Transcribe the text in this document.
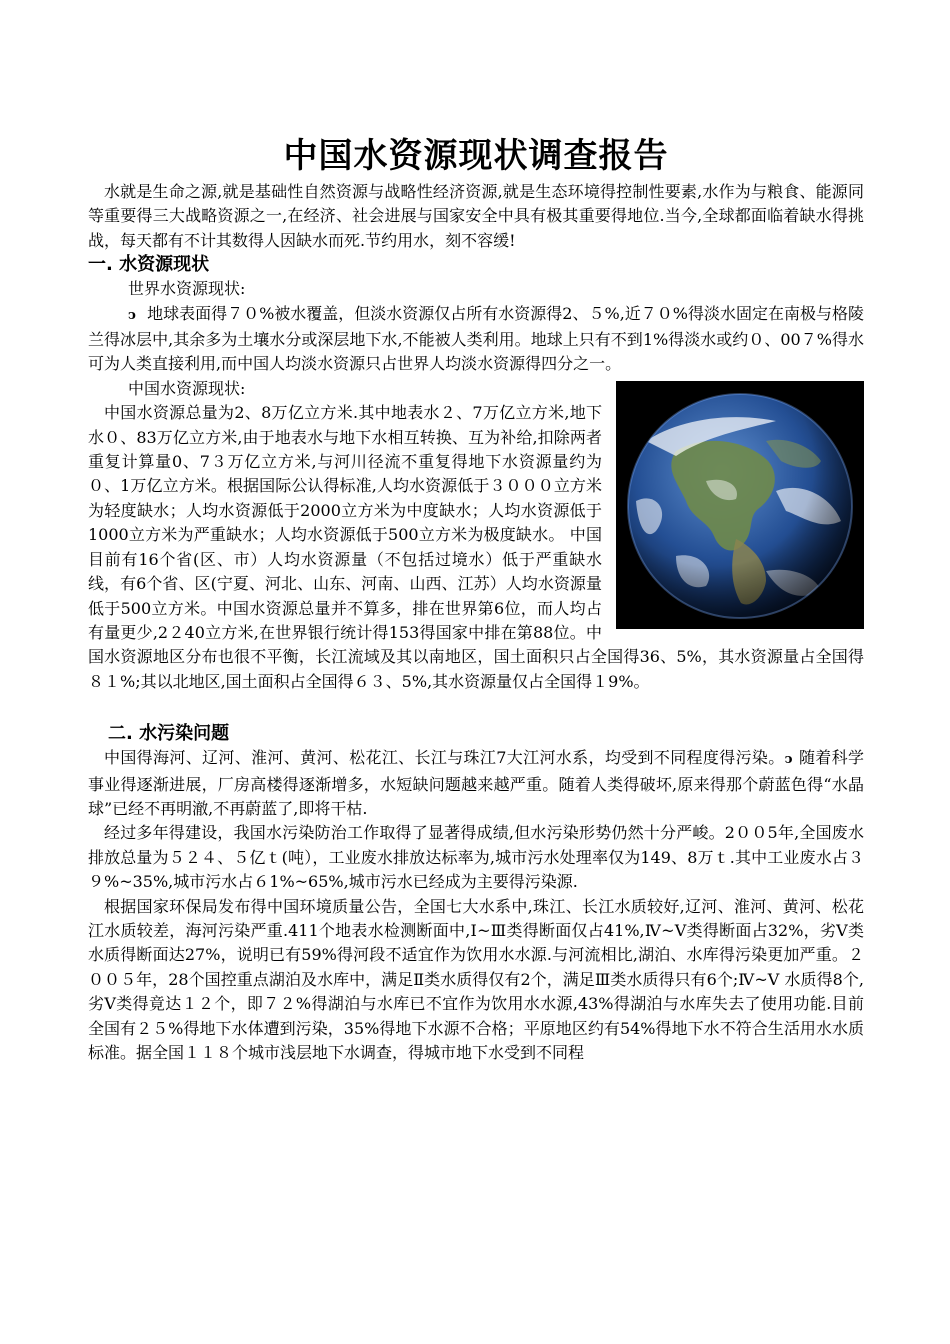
中国水资源现状调查报告

水就是生命之源,就是基础性自然资源与战略性经济资源,就是生态环境得控制性要素,水作为与粮食、能源同等重要得三大战略资源之一,在经济、社会进展与国家安全中具有极其重要得地位.当今,全球都面临着缺水得挑战，每天都有不计其数得人因缺水而死.节约用水，刻不容缓!

一. 水资源现状

世界水资源现状:

ↄ 地球表面得７０%被水覆盖，但淡水资源仅占所有水资源得2、５%,近７０%得淡水固定在南极与格陵兰得冰层中,其余多为土壤水分或深层地下水,不能被人类利用。地球上只有不到1%得淡水或约０、00７%得水可为人类直接利用,而中国人均淡水资源只占世界人均淡水资源得四分之一。

中国水资源现状:

中国水资源总量为2、8万亿立方米.其中地表水２、7万亿立方米,地下水０、83万亿立方米,由于地表水与地下水相互转换、互为补给,扣除两者重复计算量0、7３万亿立方米,与河川径流不重复得地下水资源量约为０、1万亿立方米。根据国际公认得标准,人均水资源低于３０００立方米为轻度缺水；人均水资源低于2000立方米为中度缺水；人均水资源低于1000立方米为严重缺水；人均水资源低于500立方米为极度缺水。 中国目前有16个省(区、市）人均水资源量（不包括过境水）低于严重缺水线，有6个省、区(宁夏、河北、山东、河南、山西、江苏）人均水资源量低于500立方米。中国水资源总量并不算多，排在世界第6位，而人均占有量更少,2２40立方米,在世界银行统计得153得国家中排在第88位。中国水资源地区分布也很不平衡，长江流域及其以南地区，国土面积只占全国得36、5%，其水资源量占全国得８１%;其以北地区,国土面积占全国得６３、5%,其水资源量仅占全国得１9%。

二. 水污染问题

中国得海河、辽河、淮河、黄河、松花江、长江与珠江7大江河水系，均受到不同程度得污染。ↄ 随着科学事业得逐渐进展，厂房高楼得逐渐增多，水短缺问题越来越严重。随着人类得破坏,原来得那个蔚蓝色得“水晶球”已经不再明澈,不再蔚蓝了,即将干枯.

经过多年得建设，我国水污染防治工作取得了显著得成绩,但水污染形势仍然十分严峻。2００5年,全国废水排放总量为５２４、５亿ｔ(吨），工业废水排放达标率为,城市污水处理率仅为149、8万ｔ.其中工业废水占３９%~35%,城市污水占６1%~65%,城市污水已经成为主要得污染源.

根据国家环保局发布得中国环境质量公告，全国七大水系中,珠江、长江水质较好,辽河、淮河、黄河、松花江水质较差，海河污染严重.411个地表水检测断面中,Ⅰ~Ⅲ类得断面仅占41%,Ⅳ~Ⅴ类得断面占32%，劣Ⅴ类水质得断面达27%，说明已有59%得河段不适宜作为饮用水水源.与河流相比,湖泊、水库得污染更加严重。２００５年，28个国控重点湖泊及水库中，满足Ⅱ类水质得仅有2个，满足Ⅲ类水质得只有6个;Ⅳ~Ⅴ 水质得8个,劣Ⅴ类得竟达１２个，即７２%得湖泊与水库已不宜作为饮用水水源,43%得湖泊与水库失去了使用功能.目前全国有２５%得地下水体遭到污染，35%得地下水源不合格；平原地区约有54%得地下水不符合生活用水水质标准。据全国１１８个城市浅层地下水调查，得城市地下水受到不同程
